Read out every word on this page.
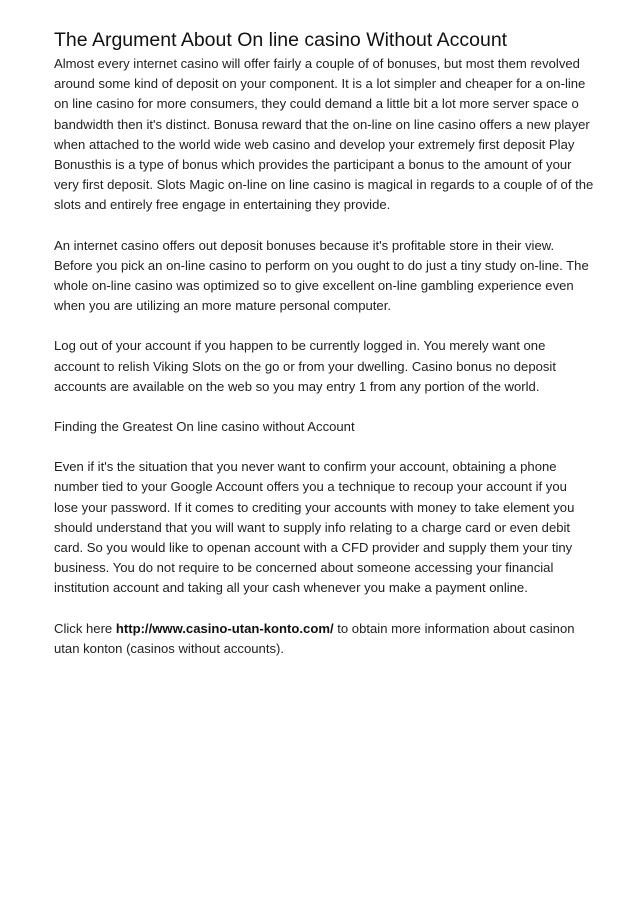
The Argument About On line casino Without Account

Almost every internet casino will offer fairly a couple of of bonuses, but most them revolved
around some kind of deposit on your component. It is a lot simpler and cheaper for a on-line
on line casino for more consumers, they could demand a little bit a lot more server space o
bandwidth then it's distinct. Bonusa reward that the on-line on line casino offers a new player
when attached to the world wide web casino and develop your extremely first deposit Play
Bonusthis is a type of bonus which provides the participant a bonus to the amount of your
very first deposit. Slots Magic on-line on line casino is magical in regards to a couple of of the
slots and entirely free engage in entertaining they provide.

An internet casino offers out deposit bonuses because it's profitable store in their view.
Before you pick an on-line casino to perform on you ought to do just a tiny study on-line. The
whole on-line casino was optimized so to give excellent on-line gambling experience even
when you are utilizing an more mature personal computer.

Log out of your account if you happen to be currently logged in. You merely want one
account to relish Viking Slots on the go or from your dwelling. Casino bonus no deposit
accounts are available on the web so you may entry 1 from any portion of the world.

Finding the Greatest On line casino without Account

Even if it's the situation that you never want to confirm your account, obtaining a phone
number tied to your Google Account offers you a technique to recoup your account if you
lose your password. If it comes to crediting your accounts with money to take element you
should understand that you will want to supply info relating to a charge card or even debit
card. So you would like to openan account with a CFD provider and supply them your tiny
business. You do not require to be concerned about someone accessing your financial
institution account and taking all your cash whenever you make a payment online.

Click here http://www.casino-utan-konto.com/ to obtain more information about casinon
utan konton (casinos without accounts).
